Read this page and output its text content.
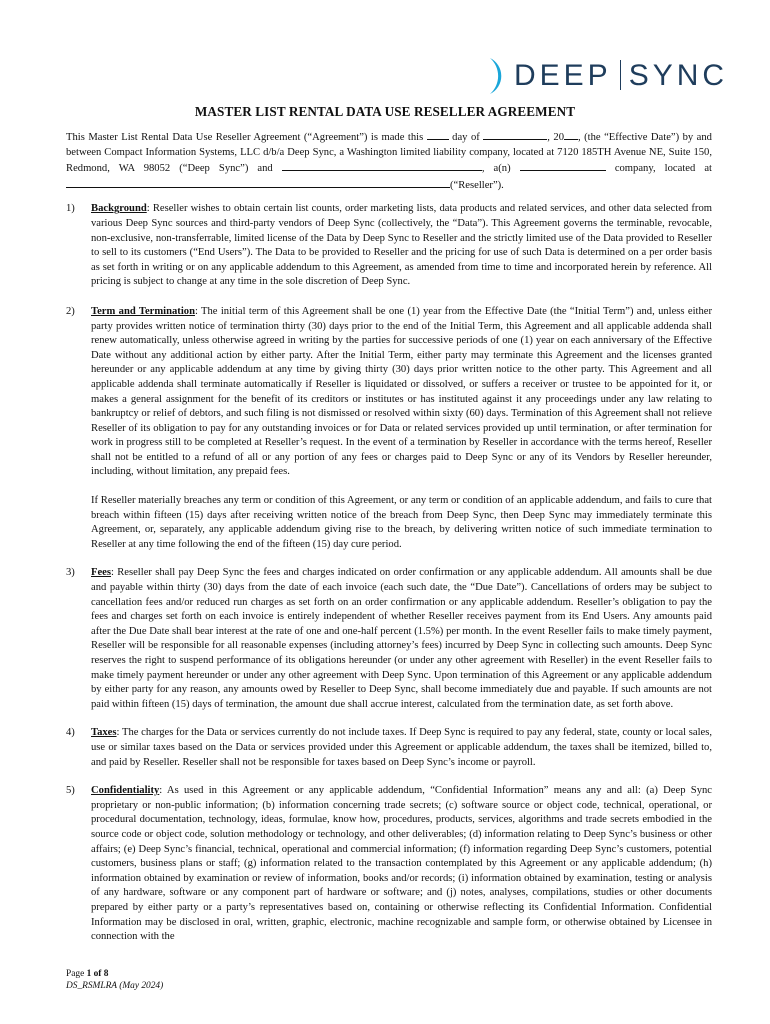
DEEP SYNC
MASTER LIST RENTAL DATA USE RESELLER AGREEMENT

This Master List Rental Data Use Reseller Agreement (“Agreement”) is made this	day of	, 20 , (the “Effective Date”) by and between Compact Information Systems, LLC d/b/a Deep Sync, a Washington limited liability company, located at 7120 185TH Avenue NE, Suite 150, Redmond, WA 98052 (“Deep Sync”) and	, a(n)	company, located at (“Reseller”).

1) Background: Reseller wishes to obtain certain list counts, order marketing lists, data products and related services, and other data selected from various Deep Sync sources and third-party vendors of Deep Sync (collectively, the “Data”). This Agreement governs the terminable, revocable, non-exclusive, non-transferrable, limited license of the Data by Deep Sync to Reseller and the strictly limited use of the Data provided to Reseller to sell to its customers (“End Users”). The Data to be provided to Reseller and the pricing for use of such Data is determined on a per order basis as set forth in writing or on any applicable addendum to this Agreement, as amended from time to time and incorporated herein by reference. All pricing is subject to change at any time in the sole discretion of Deep Sync.
2) Term and Termination: The initial term of this Agreement shall be one (1) year from the Effective Date (the “Initial Term”) and, unless either party provides written notice of termination thirty (30) days prior to the end of the Initial Term, this Agreement and all applicable addenda shall renew automatically, unless otherwise agreed in writing by the parties for successive periods of one (1) year on each anniversary of the Effective Date without any additional action by either party. After the Initial Term, either party may terminate this Agreement and the licenses granted hereunder or any applicable addendum at any time by giving thirty (30) days prior written notice to the other party. This Agreement and all applicable addenda shall terminate automatically if Reseller is liquidated or dissolved, or suffers a receiver or trustee to be appointed for it, or makes a general assignment for the benefit of its creditors or institutes or has instituted against it any proceedings under any law relating to bankruptcy or relief of debtors, and such filing is not dismissed or resolved within sixty (60) days. Termination of this Agreement shall not relieve Reseller of its obligation to pay for any outstanding invoices or for Data or related services provided up until termination, or after termination for work in progress still to be completed at Reseller’s request. In the event of a termination by Reseller in accordance with the terms hereof, Reseller shall not be entitled to a refund of all or any portion of any fees or charges paid to Deep Sync or any of its Vendors by Reseller hereunder, including, without limitation, any prepaid fees.

If Reseller materially breaches any term or condition of this Agreement, or any term or condition of an applicable addendum, and fails to cure that breach within fifteen (15) days after receiving written notice of the breach from Deep Sync, then Deep Sync may immediately terminate this Agreement, or, separately, any applicable addendum giving rise to the breach, by delivering written notice of such immediate termination to Reseller at any time following the end of the fifteen (15) day cure period.

3) Fees: Reseller shall pay Deep Sync the fees and charges indicated on order confirmation or any applicable addendum. All amounts shall be due and payable within thirty (30) days from the date of each invoice (each such date, the “Due Date”). Cancellations of orders may be subject to cancellation fees and/or reduced run charges as set forth on an order confirmation or any applicable addendum. Reseller’s obligation to pay the fees and charges set forth on each invoice is entirely independent of whether Reseller receives payment from its End Users. Any amounts paid after the Due Date shall bear interest at the rate of one and one-half percent (1.5%) per month. In the event Reseller fails to make timely payment, Reseller will be responsible for all reasonable expenses (including attorney’s fees) incurred by Deep Sync in collecting such amounts. Deep Sync reserves the right to suspend performance of its obligations hereunder (or under any other agreement with Reseller) in the event Reseller fails to make timely payment hereunder or under any other agreement with Deep Sync. Upon termination of this Agreement or any applicable addendum by either party for any reason, any amounts owed by Reseller to Deep Sync, shall become immediately due and payable. If such amounts are not paid within fifteen (15) days of termination, the amount due shall accrue interest, calculated from the termination date, as set forth above.
4) Taxes: The charges for the Data or services currently do not include taxes. If Deep Sync is required to pay any federal, state, county or local sales, use or similar taxes based on the Data or services provided under this Agreement or applicable addendum, the taxes shall be itemized, billed to, and paid by Reseller. Reseller shall not be responsible for taxes based on Deep Sync’s income or payroll.
5) Confidentiality: As used in this Agreement or any applicable addendum, “Confidential Information” means any and all: (a) Deep Sync proprietary or non-public information; (b) information concerning trade secrets; (c) software source or object code, technical, operational, or procedural documentation, technology, ideas, formulae, know how, procedures, products, services, algorithms and trade secrets embodied in the source code or object code, solution methodology or technology, and other deliverables; (d) information relating to Deep Sync’s business or other affairs; (e) Deep Sync’s financial, technical, operational and commercial information; (f) information regarding Deep Sync’s customers, potential customers, business plans or staff; (g) information related to the transaction contemplated by this Agreement or any applicable addendum; (h) information obtained by examination or review of information, books and/or records; (i) information obtained by examination, testing or analysis of any hardware, software or any component part of hardware or software; and (j) notes, analyses, compilations, studies or other documents prepared by either party or a party’s representatives based on, containing or otherwise reflecting its Confidential Information. Confidential Information may be disclosed in oral, written, graphic, electronic, machine recognizable and sample form, or otherwise obtained by Licensee in connection with the
Page 1 of 8
DS_RSMLRA (May 2024)
